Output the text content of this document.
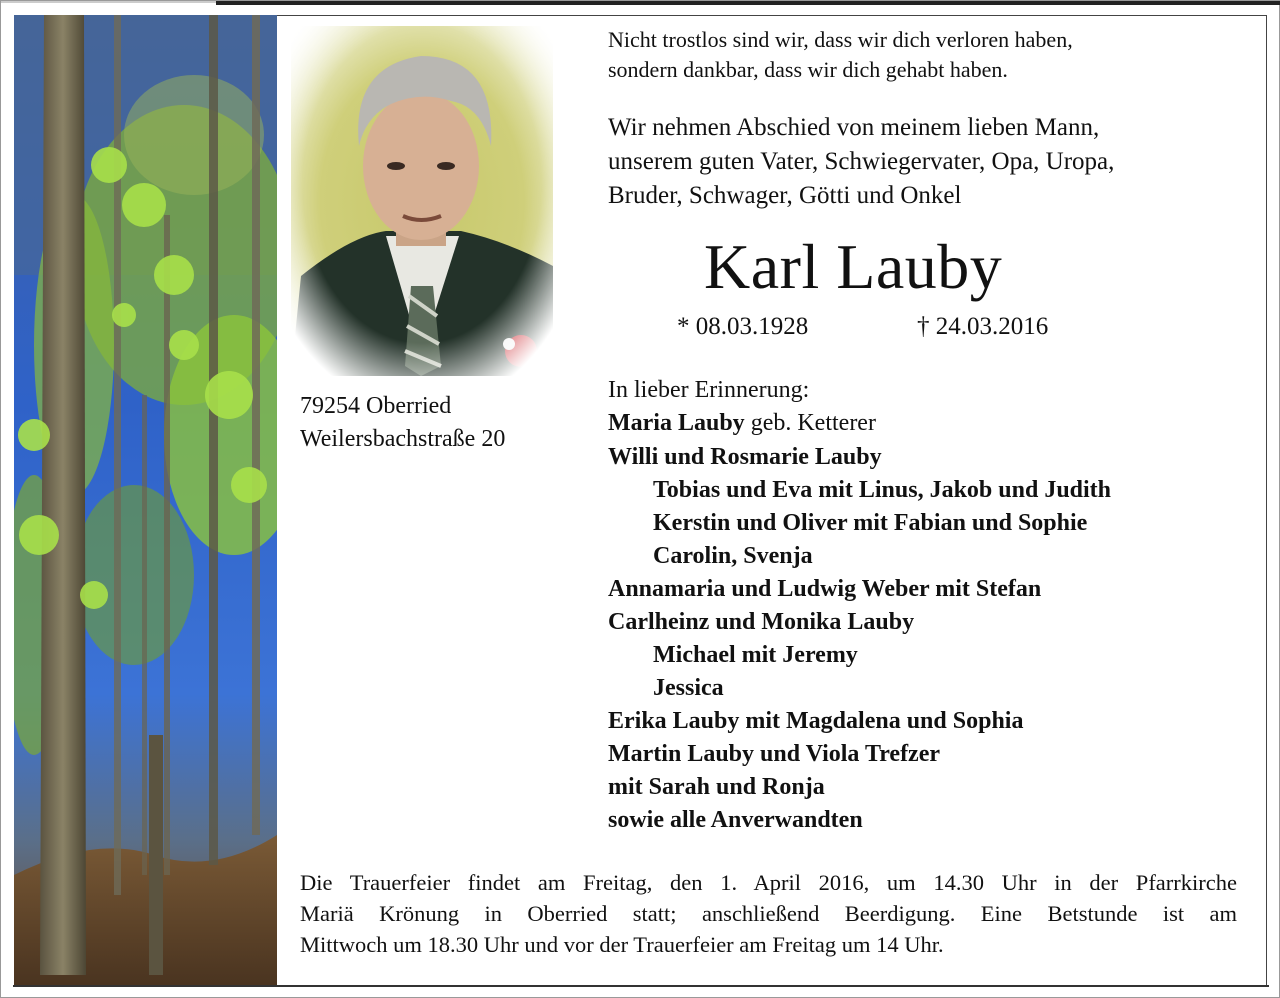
Nicht trostlos sind wir, dass wir dich verloren haben,
sondern dankbar, dass wir dich gehabt haben.
Wir nehmen Abschied von meinem lieben Mann,
unserem guten Vater, Schwiegervater, Opa, Uropa,
Bruder, Schwager, Götti und Onkel
Karl Lauby
* 08.03.1928	† 24.03.2016
79254 Oberried
Weilersbachstraße 20
In lieber Erinnerung:
Maria Lauby geb. Ketterer
Willi und Rosmarie Lauby
Tobias und Eva mit Linus, Jakob und Judith
Kerstin und Oliver mit Fabian und Sophie
Carolin, Svenja
Annamaria und Ludwig Weber mit Stefan
Carlheinz und Monika Lauby
Michael mit Jeremy
Jessica
Erika Lauby mit Magdalena und Sophia
Martin Lauby und Viola Trefzer
mit Sarah und Ronja
sowie alle Anverwandten
Die Trauerfeier findet am Freitag, den 1. April 2016, um 14.30 Uhr in der Pfarrkirche
Mariä Krönung in Oberried statt; anschließend Beerdigung. Eine Betstunde ist am
Mittwoch um 18.30 Uhr und vor der Trauerfeier am Freitag um 14 Uhr.
